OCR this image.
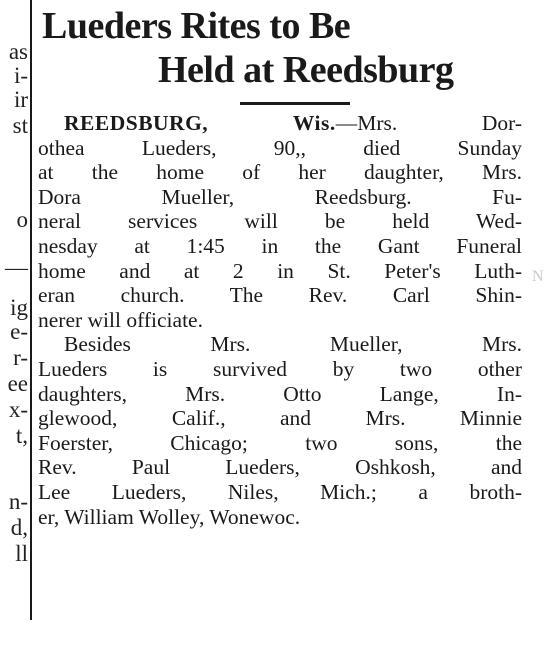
as
i-
ir
st
o
—
ig
e-
r-
ee
x-
t,
n-
d,
ll
Lueders Rites to Be
Held at Reedsburg

REEDSBURG, Wis.—Mrs. Dor-
othea Lueders, 90,, died Sunday
at the home of her daughter, Mrs.
Dora Mueller, Reedsburg. Fu-
neral services will be held Wed-
nesday at 1:45 in the Gant Funeral
home and at 2 in St. Peter's Luth-
eran church. The Rev. Carl Shin-
nerer will officiate.

Besides Mrs. Mueller, Mrs.
Lueders is survived by two other
daughters, Mrs. Otto Lange, In-
glewood, Calif., and Mrs. Minnie
Foerster, Chicago; two sons, the
Rev. Paul Lueders, Oshkosh, and
Lee Lueders, Niles, Mich.; a broth-
er, William Wolley, Wonewoc.

N
